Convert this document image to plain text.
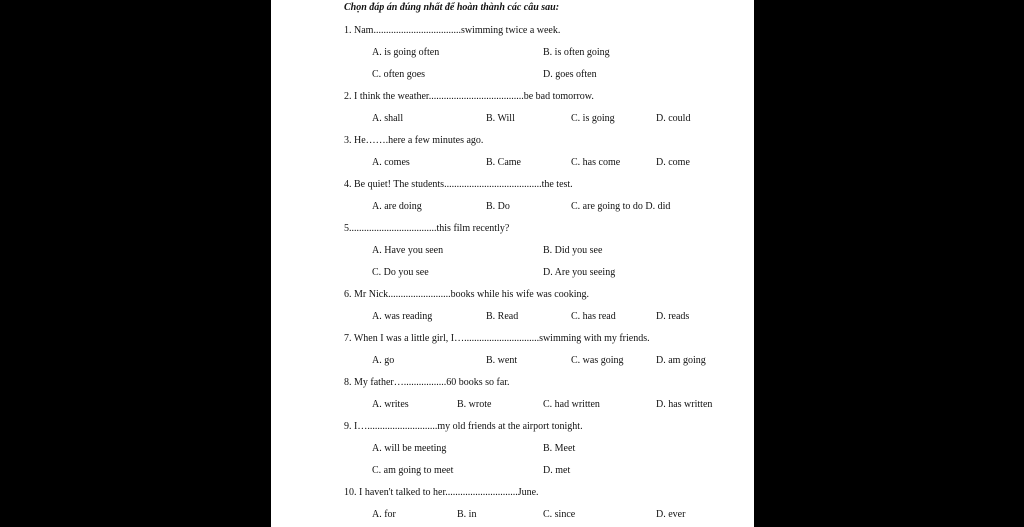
Chọn đáp án đúng nhất để hoàn thành các câu sau:
1. Nam...................................swimming twice a week.
A. is going often	B. is often going
C. often goes	D. goes often
2. I think the weather......................................be bad tomorrow.
A. shall	B. Will	C. is going	D. could
3. He…….here a few minutes ago.
A. comes	B. Came	C. has come	D. come
4. Be quiet! The students.......................................the test.
A. are doing	B. Do	C. are going to do D. did
5...................................this film recently?
A. Have you seen	B. Did you see
C. Do you see	D. Are you seeing
6. Mr Nick.........................books while his wife was cooking.
A. was reading	B. Read	C. has read	D. reads
7. When I was a little girl, I…..............................swimming with my friends.
A. go	B. went	C. was going	D. am going
8. My father….................60 books so far.
A. writes	B. wrote	C. had written	D. has written
9. I…............................my old friends at the airport tonight.
A. will be meeting	B. Meet
C. am going to meet	D. met
10. I haven't talked to her.............................June.
A. for	B. in	C. since	D. ever
